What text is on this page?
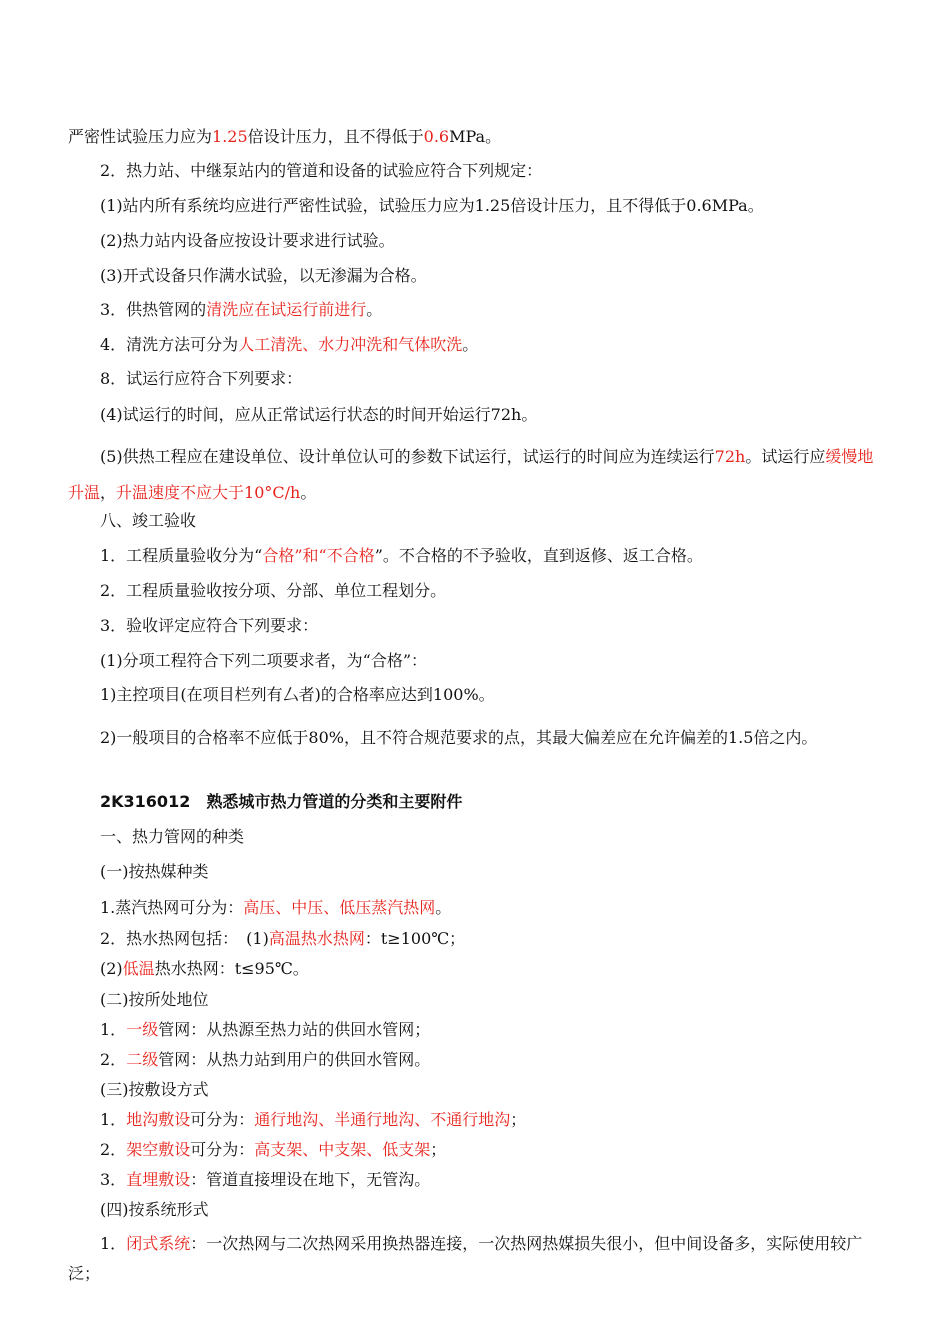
严密性试验压力应为1.25倍设计压力，且不得低于0.6MPa。
2．热力站、中继泵站内的管道和设备的试验应符合下列规定：
(1)站内所有系统均应进行严密性试验，试验压力应为1.25倍设计压力，且不得低于0.6MPa。
(2)热力站内设备应按设计要求进行试验。
(3)开式设备只作满水试验，以无渗漏为合格。
3．供热管网的清洗应在试运行前进行。
4．清洗方法可分为人工清洗、水力冲洗和气体吹洗。
8．试运行应符合下列要求：
(4)试运行的时间，应从正常试运行状态的时间开始运行72h。
(5)供热工程应在建设单位、设计单位认可的参数下试运行，试运行的时间应为连续运行72h。试运行应缓慢地升温，升温速度不应大于10°C/h。
八、竣工验收
1．工程质量验收分为“合格”和“不合格”。不合格的不予验收，直到返修、返工合格。
2．工程质量验收按分项、分部、单位工程划分。
3．验收评定应符合下列要求：
(1)分项工程符合下列二项要求者，为“合格”：
1)主控项目(在项目栏列有厶者)的合格率应达到100%。
2)一般项目的合格率不应低于80%，且不符合规范要求的点，其最大偏差应在允许偏差的1.5倍之内。
2K316012　熟悉城市热力管道的分类和主要附件
一、热力管网的种类
(一)按热媒种类
1.蒸汽热网可分为：高压、中压、低压蒸汽热网。
2．热水热网包括：　(1)高温热水热网：t≥100℃；
(2)低温热水热网：t≤95℃。
(二)按所处地位
1．一级管网：从热源至热力站的供回水管网；
2．二级管网：从热力站到用户的供回水管网。
(三)按敷设方式
1．地沟敷设可分为：通行地沟、半通行地沟、不通行地沟；
2．架空敷设可分为：高支架、中支架、低支架；
3．直埋敷设：管道直接埋设在地下，无管沟。
(四)按系统形式
1．闭式系统：一次热网与二次热网采用换热器连接，一次热网热媒损失很小，但中间设备多，实际使用较广泛；
